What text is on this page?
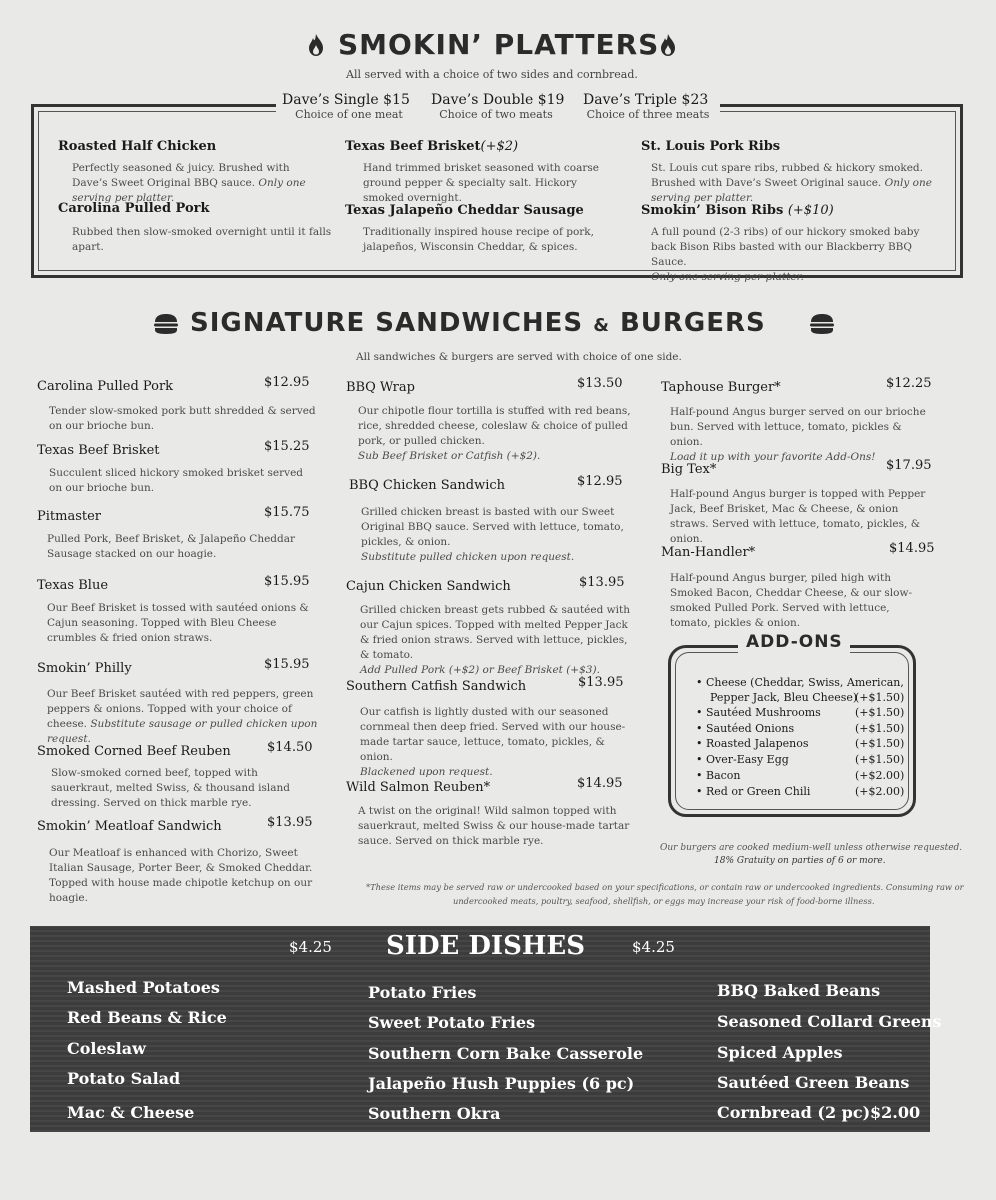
SMOKIN’ PLATTERS
All served with a choice of two sides and cornbread.
Dave’s Single $15
Choice of one meat
Dave’s Double $19
Choice of two meats
Dave’s Triple $23
Choice of three meats
Roasted Half Chicken
Perfectly seasoned & juicy. Brushed with Dave’s Sweet Original BBQ sauce. Only one serving per platter.
Carolina Pulled Pork
Rubbed then slow-smoked overnight until it falls apart.
Texas Beef Brisket(+$2)
Hand trimmed brisket seasoned with coarse ground pepper & specialty salt. Hickory smoked overnight.
Texas Jalapeño Cheddar Sausage
Traditionally inspired house recipe of pork, jalapeños, Wisconsin Cheddar, & spices.
St. Louis Pork Ribs
St. Louis cut spare ribs, rubbed & hickory smoked. Brushed with Dave’s Sweet Original sauce. Only one serving per platter.
Smokin’ Bison Ribs (+$10)
A full pound (2-3 ribs) of our hickory smoked baby back Bison Ribs basted with our Blackberry BBQ Sauce.
Only one serving per platter.
SIGNATURE SANDWICHES & BURGERS
All sandwiches & burgers are served with choice of one side.
Carolina Pulled Pork	$12.95
Tender slow-smoked pork butt shredded & served on our brioche bun.
Texas Beef Brisket	$15.25
Succulent sliced hickory smoked brisket served on our brioche bun.
Pitmaster	$15.75
Pulled Pork, Beef Brisket, & Jalapeño Cheddar Sausage stacked on our hoagie.
Texas Blue	$15.95
Our Beef Brisket is tossed with sautéed onions & Cajun seasoning. Topped with Bleu Cheese crumbles & fried onion straws.
Smokin’ Philly	$15.95
Our Beef Brisket sautéed with red peppers, green peppers & onions. Topped with your choice of cheese. Substitute sausage or pulled chicken upon request.
Smoked Corned Beef Reuben	$14.50
Slow-smoked corned beef, topped with sauerkraut, melted Swiss, & thousand island dressing. Served on thick marble rye.
Smokin’ Meatloaf Sandwich	$13.95
Our Meatloaf is enhanced with Chorizo, Sweet Italian Sausage, Porter Beer, & Smoked Cheddar. Topped with house made chipotle ketchup on our hoagie.
BBQ Wrap	$13.50
Our chipotle flour tortilla is stuffed with red beans, rice, shredded cheese, coleslaw & choice of pulled pork, or pulled chicken.
Sub Beef Brisket or Catfish (+$2).
BBQ Chicken Sandwich	$12.95
Grilled chicken breast is basted with our Sweet Original BBQ sauce. Served with lettuce, tomato, pickles, & onion.
Substitute pulled chicken upon request.
Cajun Chicken Sandwich	$13.95
Grilled chicken breast gets rubbed & sautéed with our Cajun spices. Topped with melted Pepper Jack & fried onion straws. Served with lettuce, pickles, & tomato.
Add Pulled Pork (+$2) or Beef Brisket (+$3).
Southern Catfish Sandwich	$13.95
Our catfish is lightly dusted with our seasoned cornmeal then deep fried. Served with our house-made tartar sauce, lettuce, tomato, pickles, & onion.
Blackened upon request.
Wild Salmon Reuben*	$14.95
A twist on the original! Wild salmon topped with sauerkraut, melted Swiss & our house-made tartar sauce. Served on thick marble rye.
Taphouse Burger*	$12.25
Half-pound Angus burger served on our brioche bun. Served with lettuce, tomato, pickles & onion.
Load it up with your favorite Add-Ons!
Big Tex*	$17.95
Half-pound Angus burger is topped with Pepper Jack, Beef Brisket, Mac & Cheese, & onion straws. Served with lettuce, tomato, pickles, & onion.
Man-Handler*	$14.95
Half-pound Angus burger, piled high with Smoked Bacon, Cheddar Cheese, & our slow-smoked Pulled Pork. Served with lettuce, tomato, pickles & onion.
ADD-ONS
• Cheese (Cheddar, Swiss, American,
Pepper Jack, Bleu Cheese)
(+$1.50)
• Sautéed Mushrooms	(+$1.50)
• Sautéed Onions	(+$1.50)
• Roasted Jalapenos	(+$1.50)
• Over-Easy Egg	(+$1.50)
• Bacon	(+$2.00)
• Red or Green Chili	(+$2.00)
Our burgers are cooked medium-well unless otherwise requested.
18% Gratuity on parties of 6 or more.
*These items may be served raw or undercooked based on your specifications, or contain raw or undercooked ingredients. Consuming raw or
undercooked meats, poultry, seafood, shellfish, or eggs may increase your risk of food-borne illness.
$4.25 SIDE DISHES	$4.25
Mashed Potatoes
Red Beans & Rice
Coleslaw
Potato Salad
Mac & Cheese
Potato Fries
Sweet Potato Fries
Southern Corn Bake Casserole
Jalapeño Hush Puppies (6 pc)
Southern Okra
BBQ Baked Beans
Seasoned Collard Greens
Spiced Apples
Sautéed Green Beans
Cornbread (2 pc) $2.00
